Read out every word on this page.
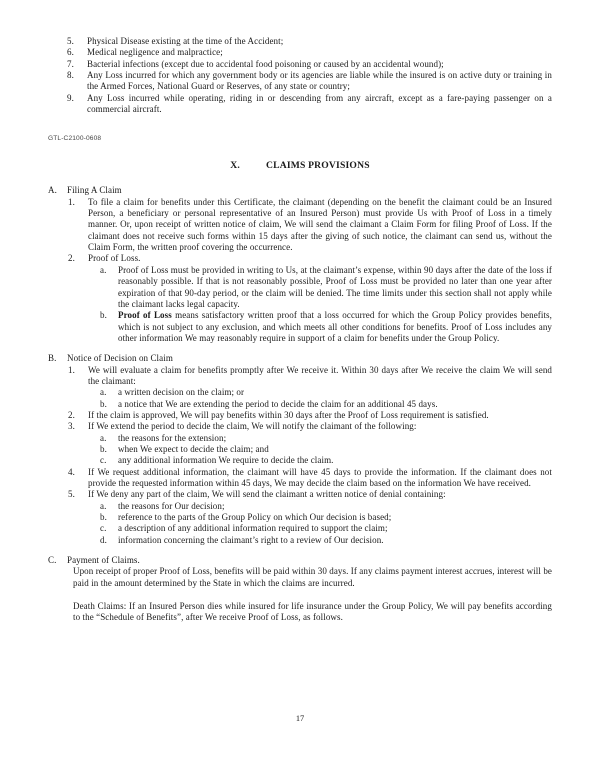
5.	Physical Disease existing at the time of the Accident;
6.	Medical negligence and malpractice;
7.	Bacterial infections (except due to accidental food poisoning or caused by an accidental wound);
8.	Any Loss incurred for which any government body or its agencies are liable while the insured is on active duty or training in the Armed Forces, National Guard or Reserves, of any state or country;
9.	Any Loss incurred while operating, riding in or descending from any aircraft, except as a fare-paying passenger on a commercial aircraft.
GTL-C2100-0608
X.	CLAIMS PROVISIONS
A.	Filing A Claim
1.	To file a claim for benefits under this Certificate, the claimant (depending on the benefit the claimant could be an Insured Person, a beneficiary or personal representative of an Insured Person) must provide Us with Proof of Loss in a timely manner. Or, upon receipt of written notice of claim, We will send the claimant a Claim Form for filing Proof of Loss. If the claimant does not receive such forms within 15 days after the giving of such notice, the claimant can send us, without the Claim Form, the written proof covering the occurrence.
2.	Proof of Loss.
a.	Proof of Loss must be provided in writing to Us, at the claimant’s expense, within 90 days after the date of the loss if reasonably possible. If that is not reasonably possible, Proof of Loss must be provided no later than one year after expiration of that 90-day period, or the claim will be denied. The time limits under this section shall not apply while the claimant lacks legal capacity.
b.	Proof of Loss means satisfactory written proof that a loss occurred for which the Group Policy provides benefits, which is not subject to any exclusion, and which meets all other conditions for benefits. Proof of Loss includes any other information We may reasonably require in support of a claim for benefits under the Group Policy.
B.	Notice of Decision on Claim
1.	We will evaluate a claim for benefits promptly after We receive it. Within 30 days after We receive the claim We will send the claimant:
a.	a written decision on the claim; or
b.	a notice that We are extending the period to decide the claim for an additional 45 days.
2.	If the claim is approved, We will pay benefits within 30 days after the Proof of Loss requirement is satisfied.
3.	If We extend the period to decide the claim, We will notify the claimant of the following:
a.	the reasons for the extension;
b.	when We expect to decide the claim; and
c.	any additional information We require to decide the claim.
4.	If We request additional information, the claimant will have 45 days to provide the information. If the claimant does not provide the requested information within 45 days, We may decide the claim based on the information We have received.
5.	If We deny any part of the claim, We will send the claimant a written notice of denial containing:
a.	the reasons for Our decision;
b.	reference to the parts of the Group Policy on which Our decision is based;
c.	a description of any additional information required to support the claim;
d.	information concerning the claimant’s right to a review of Our decision.
C.	Payment of Claims.
Upon receipt of proper Proof of Loss, benefits will be paid within 30 days. If any claims payment interest accrues, interest will be paid in the amount determined by the State in which the claims are incurred.
Death Claims: If an Insured Person dies while insured for life insurance under the Group Policy, We will pay benefits according to the “Schedule of Benefits”, after We receive Proof of Loss, as follows.
17
